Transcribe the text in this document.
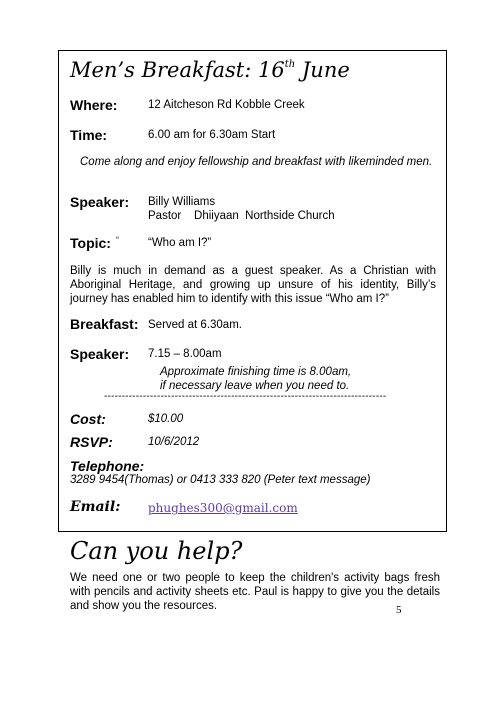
Men’s Breakfast: 16th June
Where:	12 Aitcheson Rd Kobble Creek
Time:	6.00 am for 6.30am Start
Come along and enjoy fellowship and breakfast with likeminded men.
Speaker: Billy Williams
Pastor    Dhiiyaan  Northside Church
Topic: “	“Who am I?”
Billy is much in demand as a guest speaker. As a Christian with Aboriginal Heritage, and growing up unsure of his identity, Billy’s journey has enabled him to identify with this issue “Who am I?”
Breakfast: Served at 6.30am.
Speaker: 7.15 – 8.00am
Approximate finishing time is 8.00am,
if necessary leave when you need to.
--------------------------------------------------------------------------------
Cost:	$10.00
RSVP:	10/6/2012
Telephone:
3289 9454(Thomas) or 0413 333 820 (Peter text message)
Email: phughes300@gmail.com
Can you help?
We need one or two people to keep the children's activity bags fresh with pencils and activity sheets etc. Paul is happy to give you the details and show you the resources.	5
